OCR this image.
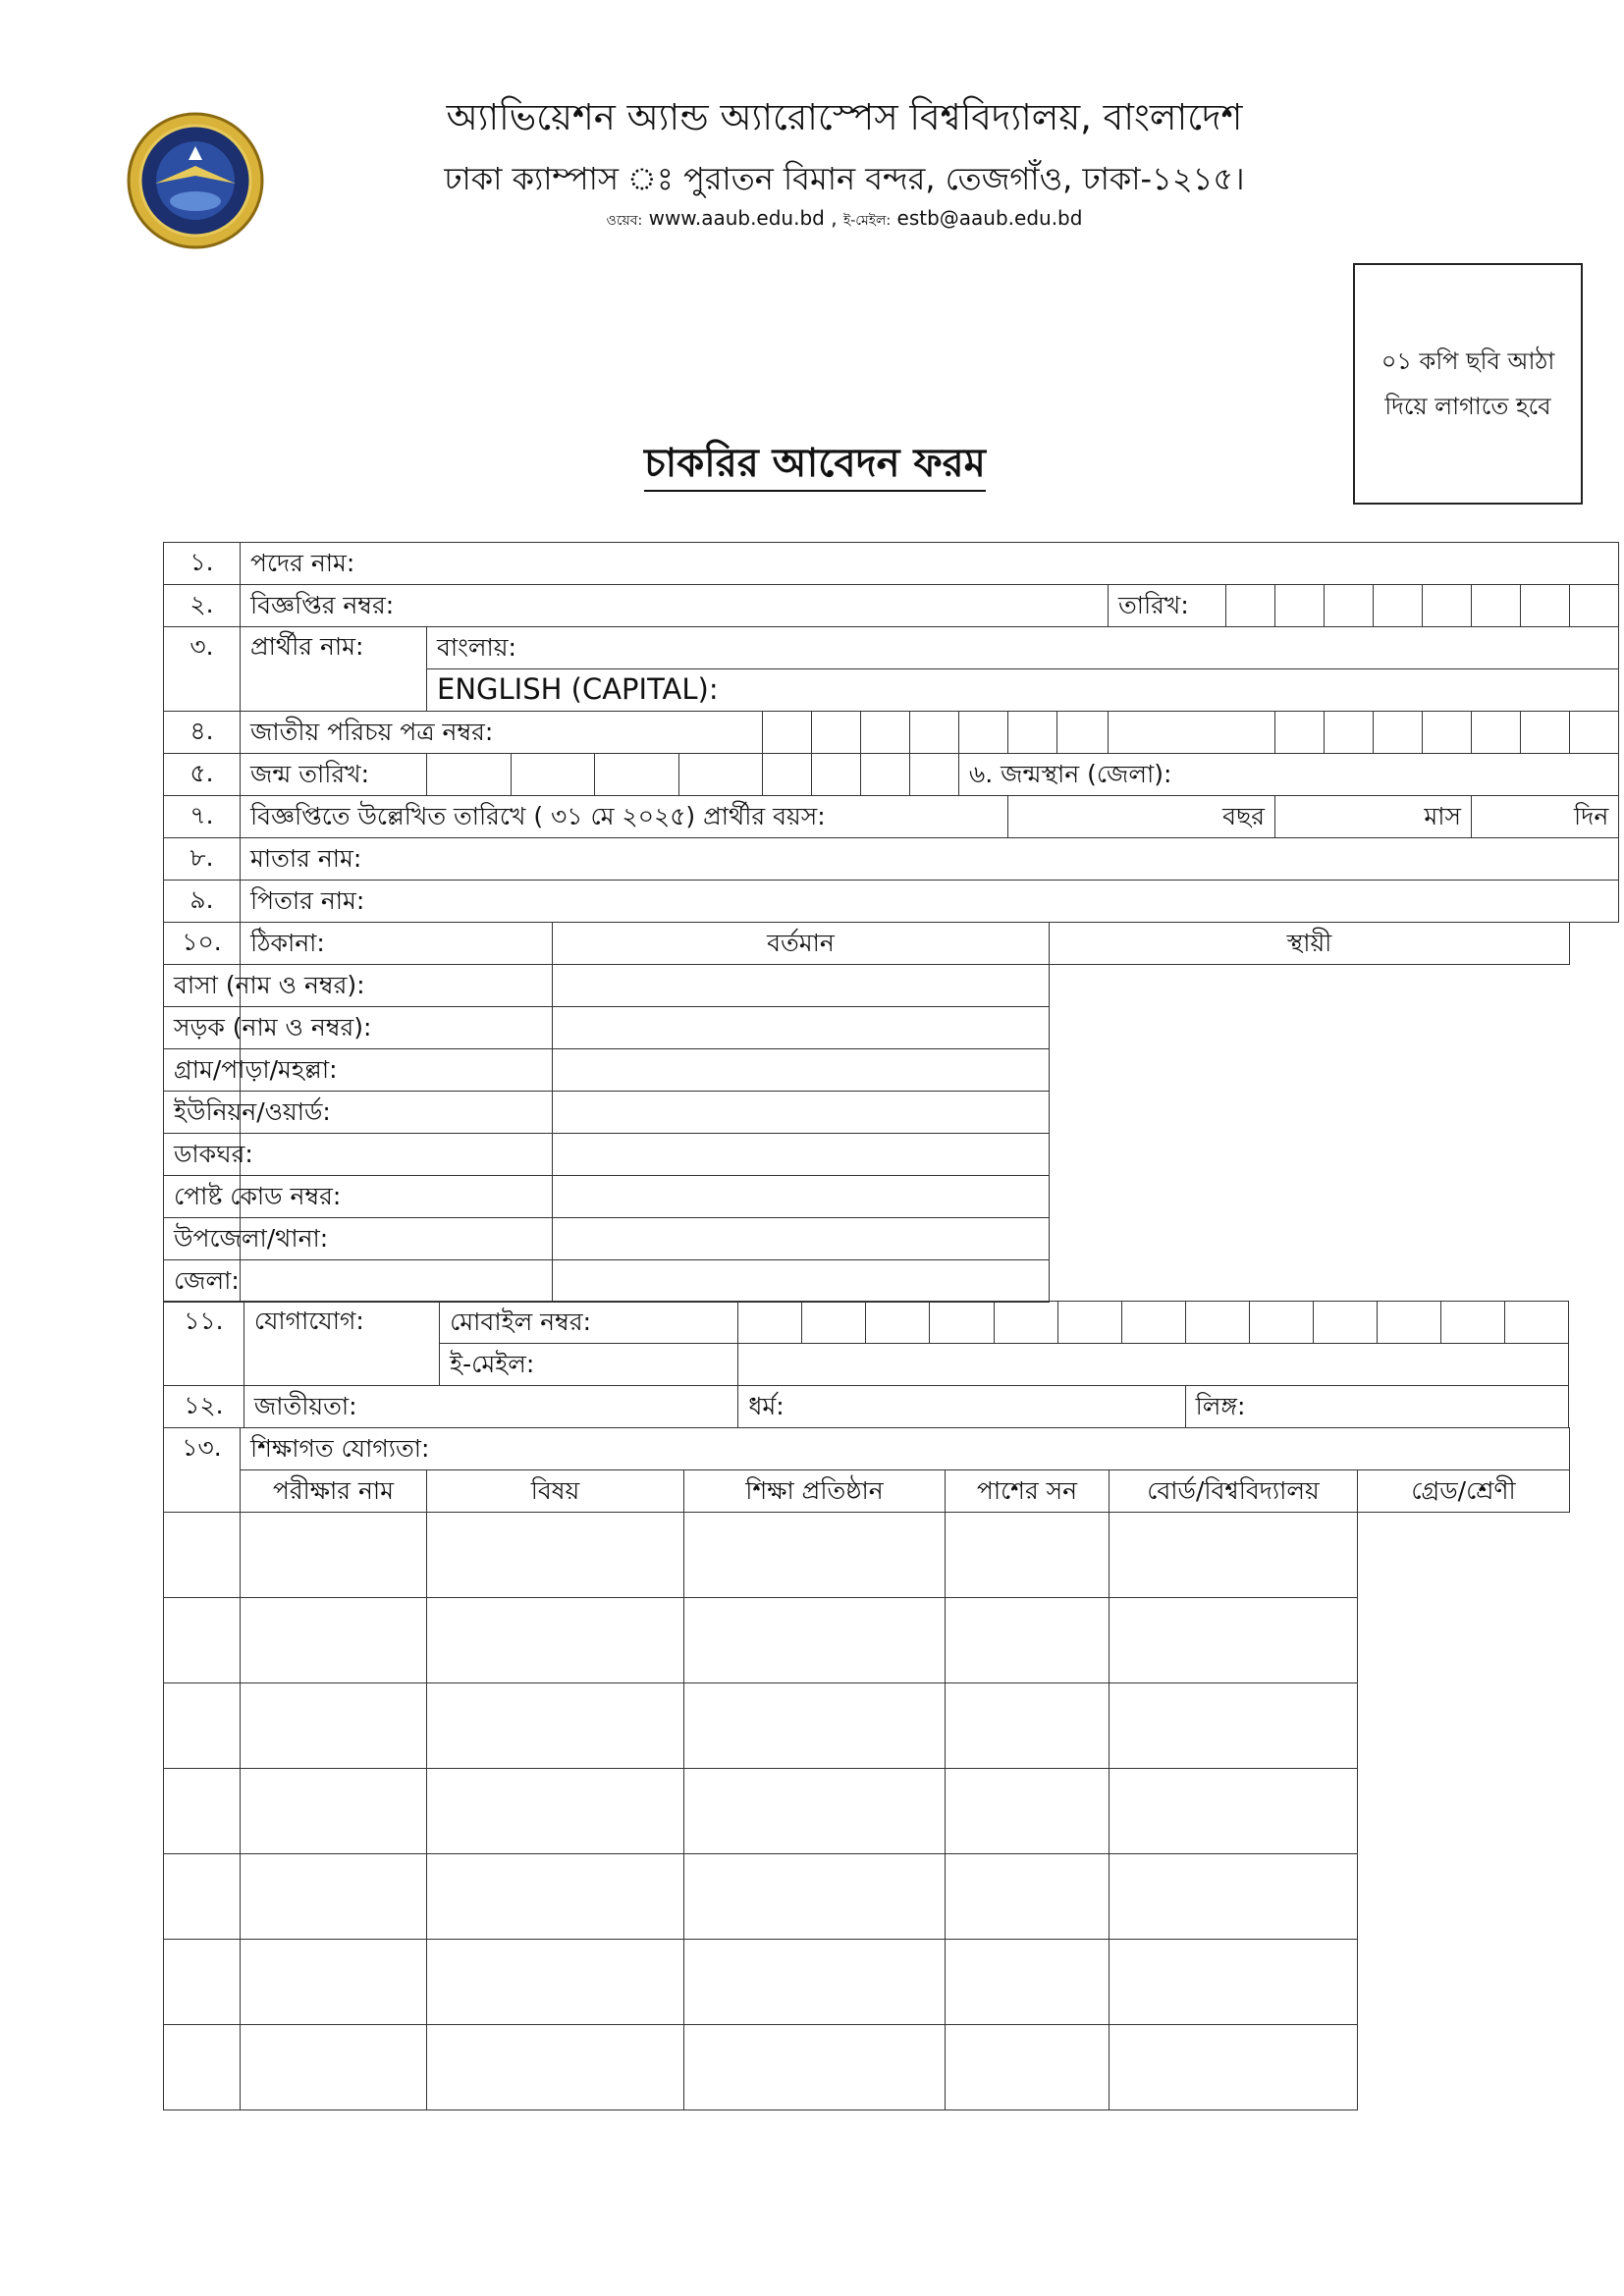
অ্যাভিয়েশন অ্যান্ড অ্যারোস্পেস বিশ্ববিদ্যালয়, বাংলাদেশ
ঢাকা ক্যাম্পাস ঃ পুরাতন বিমান বন্দর, তেজগাঁও, ঢাকা-১২১৫।
ওয়েব: www.aaub.edu.bd , ই-মেইল: estb@aaub.edu.bd
০১ কপি ছবি আঠা
দিয়ে লাগাতে হবে
চাকরির আবেদন ফরম
১.	পদের নাম:																	
২.	বিজ্ঞপ্তির নম্বর:									তারিখ:								
৩.	প্রার্থীর নাম:	বাংলায়:																
		ENGLISH (CAPITAL):																
৪.	জাতীয় পরিচয় পত্র নম্বর:																	
৫.	জন্ম তারিখ:						৬. জন্মস্থান (জেলা):											
৭.	বিজ্ঞপ্তিতে উল্লেখিত তারিখে ( ৩১ মে ২০২৫) প্রার্থীর বয়স:							বছর				মাস				দিন		
৮.	মাতার নাম:																	
৯.	পিতার নাম:																	
১০.	ঠিকানা:	বর্তমান	স্থায়ী
বাসা (নাম ও নম্বর):			
সড়ক (নাম ও নম্বর):			
গ্রাম/পাড়া/মহল্লা:			
ইউনিয়ন/ওয়ার্ড:			
ডাকঘর:			
পোষ্ট কোড নম্বর:			
উপজেলা/থানা:			
জেলা:			
১১.	যোগাযোগ:	মোবাইল নম্বর:													
		ই-মেইল:													
১২.	জাতীয়তা:		ধর্ম:							লিঙ্গ:					
১৩.	শিক্ষাগত যোগ্যতা:					
	পরীক্ষার নাম	বিষয়	শিক্ষা প্রতিষ্ঠান	পাশের সন	বোর্ড/বিশ্ববিদ্যালয়	গ্রেড/শ্রেণী
